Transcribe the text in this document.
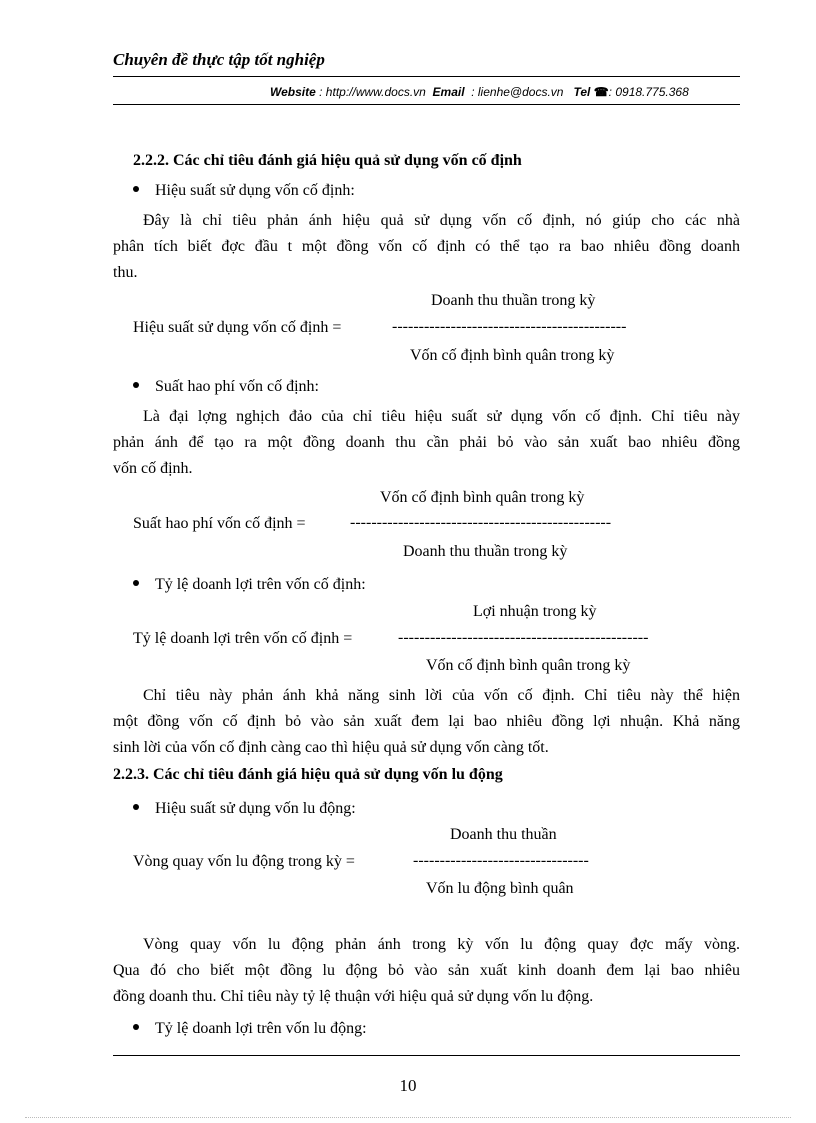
Chuyên đề thực tập tốt nghiệp
Website : http://www.docs.vn Email : lienhe@docs.vn Tel ☎: 0918.775.368
2.2.2. Các chỉ tiêu đánh giá hiệu quả sử dụng vốn cố định
Hiệu suất sử dụng vốn cố định:
Đây là chỉ tiêu phản ánh hiệu quả sử dụng vốn cố định, nó giúp cho các nhà
phân tích biết đợc đầu t một đồng vốn cố định có thể tạo ra bao nhiêu đồng doanh
thu.
Doanh thu thuần trong kỳ
Hiệu suất sử dụng vốn cố định =	--------------------------------------------
Vốn cố định bình quân trong kỳ
Suất hao phí vốn cố định:
Là đại lợng nghịch đảo của chỉ tiêu hiệu suất sử dụng vốn cố định. Chỉ tiêu này
phản ánh để tạo ra một đồng doanh thu cần phải bỏ vào sản xuất bao nhiêu đồng
vốn cố định.
Vốn cố định bình quân trong kỳ
Suất hao phí vốn cố định =	-------------------------------------------------
Doanh thu thuần trong kỳ
Tỷ lệ doanh lợi trên vốn cố định:
Lợi nhuận trong kỳ
Tỷ lệ doanh lợi trên vốn cố định =	-----------------------------------------------
Vốn cố định bình quân trong kỳ
Chỉ tiêu này phản ánh khả năng sinh lời của vốn cố định. Chỉ tiêu này thể hiện
một đồng vốn cố định bỏ vào sản xuất đem lại bao nhiêu đồng lợi nhuận. Khả năng
sinh lời của vốn cố định càng cao thì hiệu quả sử dụng vốn càng tốt.
2.2.3. Các chỉ tiêu đánh giá hiệu quả sử dụng vốn lu động
Hiệu suất sử dụng vốn lu động:
Doanh thu thuần
Vòng quay vốn lu động trong kỳ =	---------------------------------
Vốn lu động bình quân
Vòng quay vốn lu động phản ánh trong kỳ vốn lu động quay đợc mấy vòng.
Qua đó cho biết một đồng lu động bỏ vào sản xuất kinh doanh đem lại bao nhiêu
đồng doanh thu. Chỉ tiêu này tỷ lệ thuận với hiệu quả sử dụng vốn lu động.
Tỷ lệ doanh lợi trên vốn lu động:
10
